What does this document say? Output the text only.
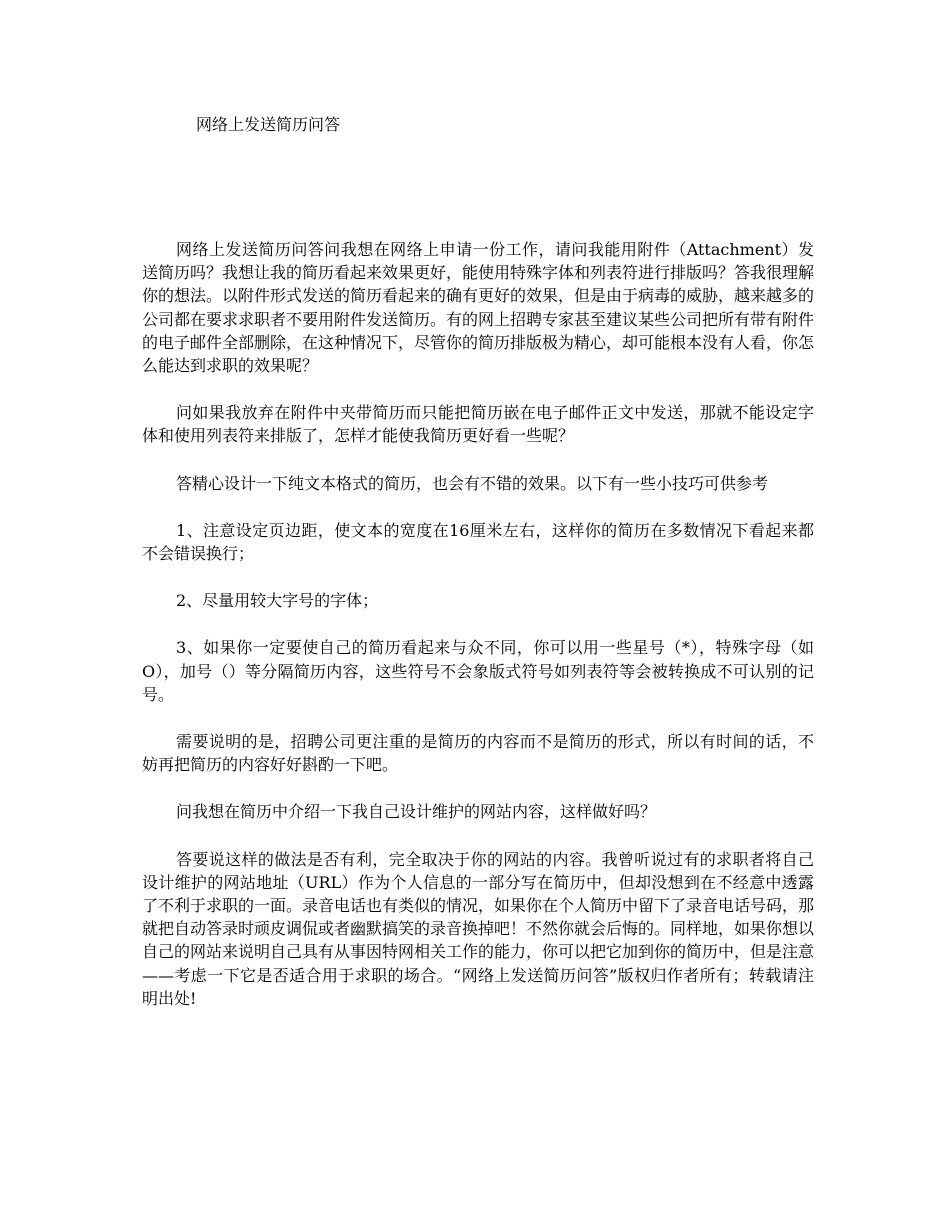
网络上发送简历问答

网络上发送简历问答问我想在网络上申请一份工作，请问我能用附件（Attachment）发送简历吗？我想让我的简历看起来效果更好，能使用特殊字体和列表符进行排版吗？答我很理解你的想法。以附件形式发送的简历看起来的确有更好的效果，但是由于病毒的威胁，越来越多的公司都在要求求职者不要用附件发送简历。有的网上招聘专家甚至建议某些公司把所有带有附件的电子邮件全部删除，在这种情况下，尽管你的简历排版极为精心，却可能根本没有人看，你怎么能达到求职的效果呢？

问如果我放弃在附件中夹带简历而只能把简历嵌在电子邮件正文中发送，那就不能设定字体和使用列表符来排版了，怎样才能使我简历更好看一些呢？

答精心设计一下纯文本格式的简历，也会有不错的效果。以下有一些小技巧可供参考

1、注意设定页边距，使文本的宽度在16厘米左右，这样你的简历在多数情况下看起来都不会错误换行；

2、尽量用较大字号的字体；

3、如果你一定要使自己的简历看起来与众不同，你可以用一些星号（*），特殊字母（如O），加号（）等分隔简历内容，这些符号不会象版式符号如列表符等会被转换成不可认别的记号。

需要说明的是，招聘公司更注重的是简历的内容而不是简历的形式，所以有时间的话，不妨再把简历的内容好好斟酌一下吧。

问我想在简历中介绍一下我自己设计维护的网站内容，这样做好吗？

答要说这样的做法是否有利，完全取决于你的网站的内容。我曾听说过有的求职者将自己设计维护的网站地址（URL）作为个人信息的一部分写在简历中，但却没想到在不经意中透露了不利于求职的一面。录音电话也有类似的情况，如果你在个人简历中留下了录音电话号码，那就把自动答录时顽皮调侃或者幽默搞笑的录音换掉吧！不然你就会后悔的。同样地，如果你想以自己的网站来说明自己具有从事因特网相关工作的能力，你可以把它加到你的简历中，但是注意——考虑一下它是否适合用于求职的场合。“网络上发送简历问答”版权归作者所有；转载请注明出处!
